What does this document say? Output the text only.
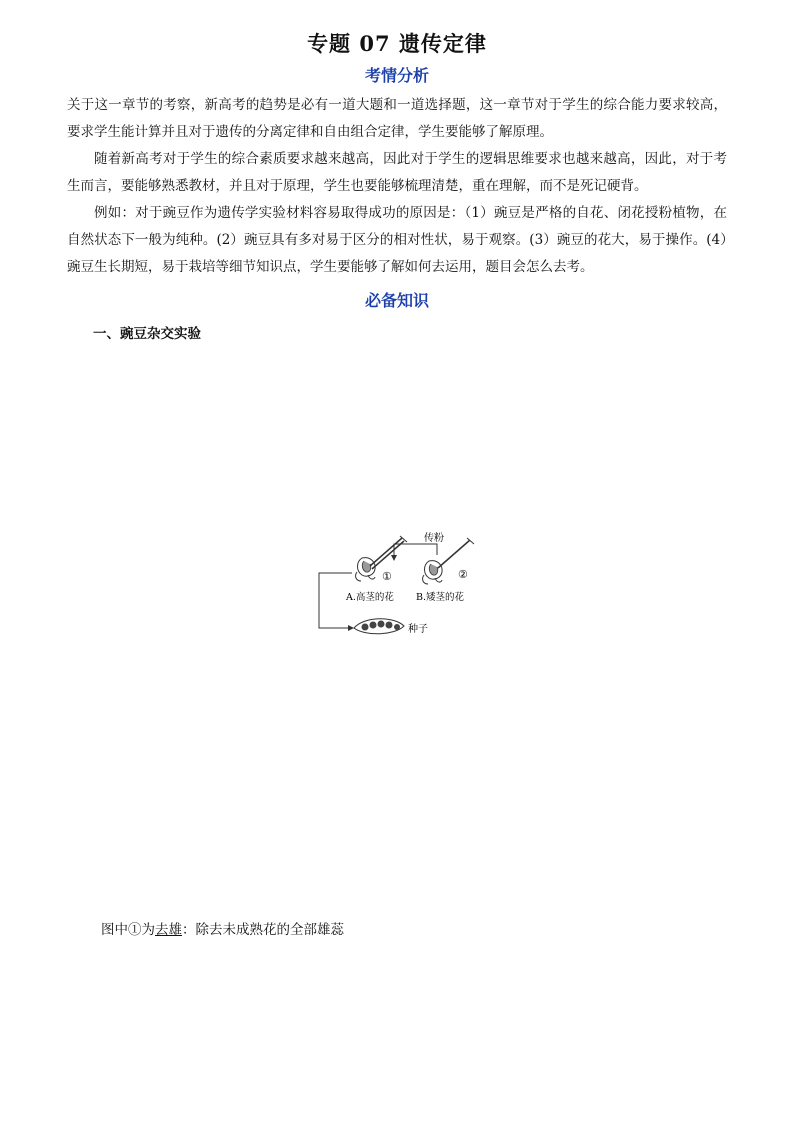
专题 07 遗传定律
考情分析
关于这一章节的考察，新高考的趋势是必有一道大题和一道选择题，这一章节对于学生的综合能力要求较高，要求学生能计算并且对于遗传的分离定律和自由组合定律，学生要能够了解原理。
随着新高考对于学生的综合素质要求越来越高，因此对于学生的逻辑思维要求也越来越高，因此，对于考生而言，要能够熟悉教材，并且对于原理，学生也要能够梳理清楚，重在理解，而不是死记硬背。
例如：对于豌豆作为遗传学实验材料容易取得成功的原因是：（1）豌豆是严格的自花、闭花授粉植物，在自然状态下一般为纯种。(2）豌豆具有多对易于区分的相对性状，易于观察。(3）豌豆的花大，易于操作。(4）豌豆生长期短，易于栽培等细节知识点，学生要能够了解如何去运用，题目会怎么去考。
必备知识
一、豌豆杂交实验
传粉
①	②
A.高茎的花 B.矮茎的花
种子
图中①为去雄：除去未成熟花的全部雄蕊
